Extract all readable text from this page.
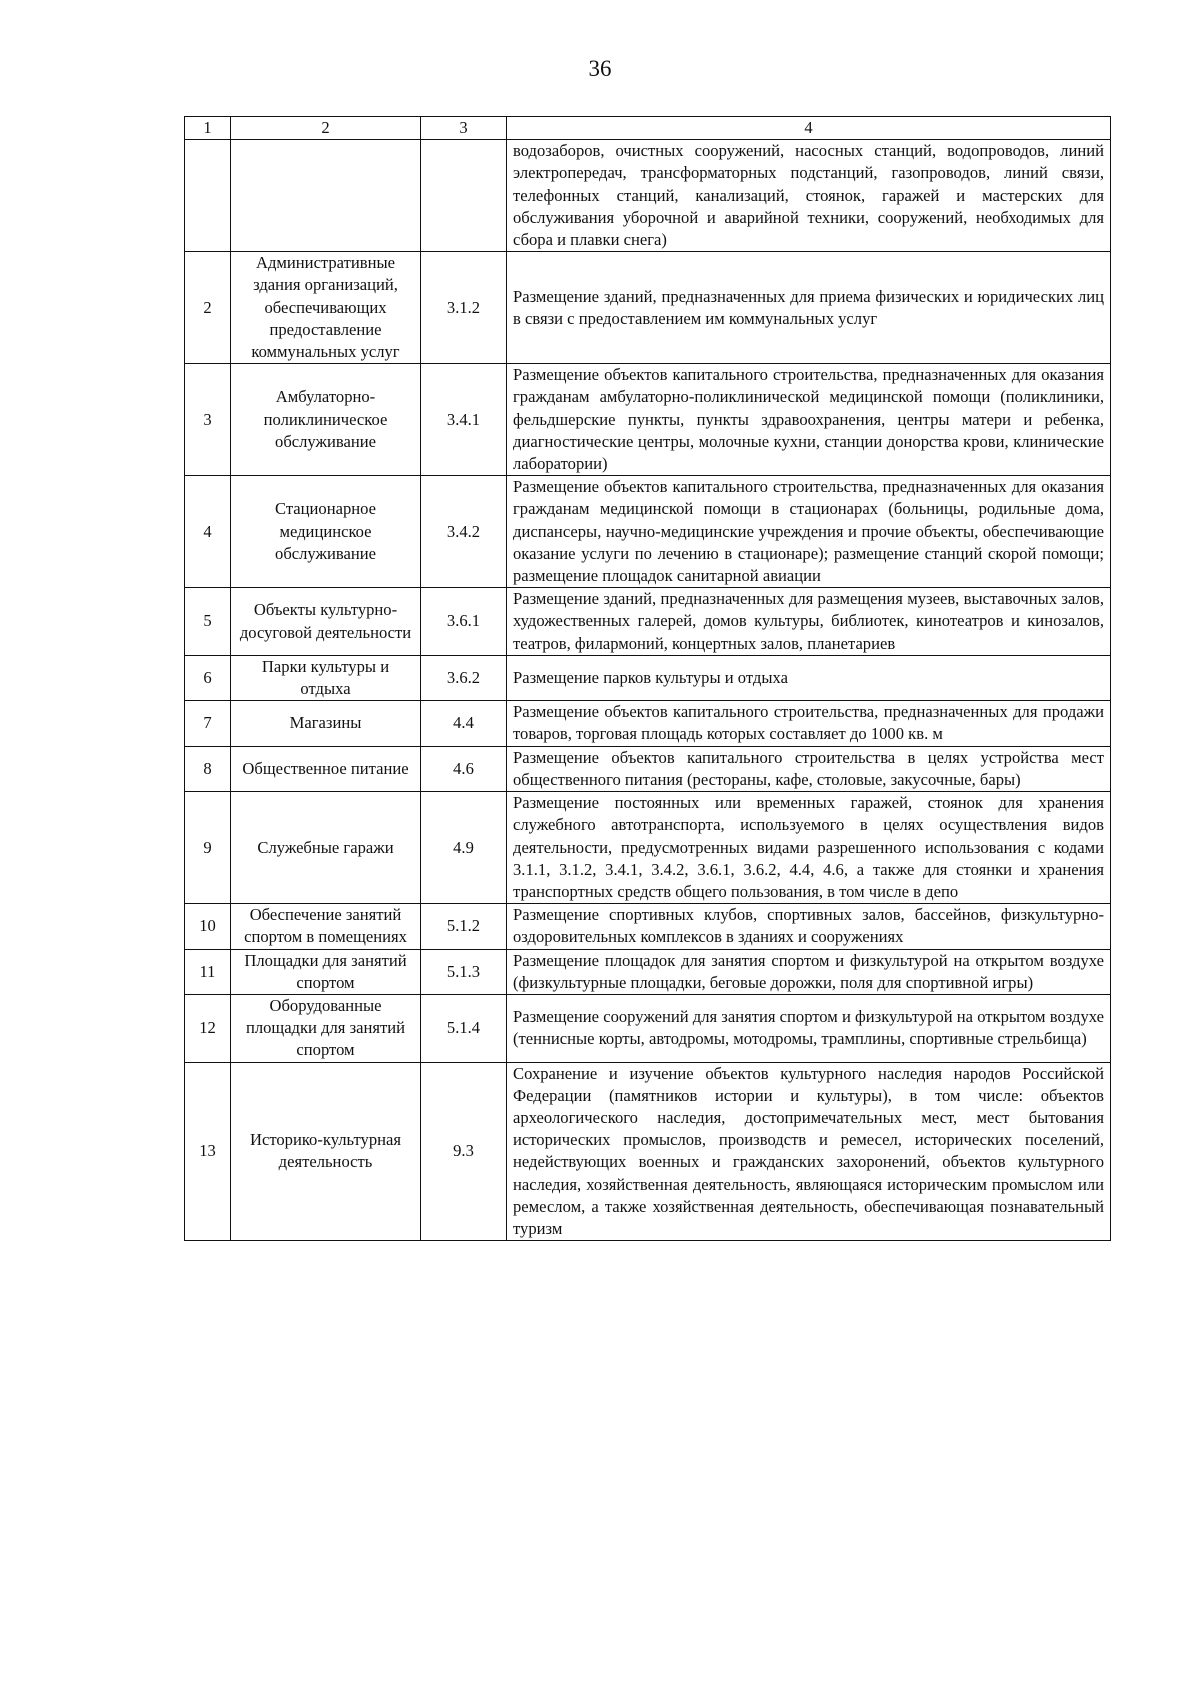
36
1	2	3	4
			водозаборов, очистных сооружений, насосных станций, водопроводов, линий электропередач, трансформаторных подстанций, газопроводов, линий связи, телефонных станций, канализаций, стоянок, гаражей и мастерских для обслуживания уборочной и аварийной техники, сооружений, необходимых для сбора и плавки снега)
2	Административные здания организаций, обеспечивающих предоставление коммунальных услуг	3.1.2	Размещение зданий, предназначенных для приема физических и юридических лиц в связи с предоставлением им коммунальных услуг
3	Амбулаторно-поликлиническое обслуживание	3.4.1	Размещение объектов капитального строительства, предназначенных для оказания гражданам амбулаторно-поликлинической медицинской помощи (поликлиники, фельдшерские пункты, пункты здравоохранения, центры матери и ребенка, диагностические центры, молочные кухни, станции донорства крови, клинические лаборатории)
4	Стационарное медицинское обслуживание	3.4.2	Размещение объектов капитального строительства, предназначенных для оказания гражданам медицинской помощи в стационарах (больницы, родильные дома, диспансеры, научно-медицинские учреждения и прочие объекты, обеспечивающие оказание услуги по лечению в стационаре); размещение станций скорой помощи; размещение площадок санитарной авиации
5	Объекты культурно-досуговой деятельности	3.6.1	Размещение зданий, предназначенных для размещения музеев, выставочных залов, художественных галерей, домов культуры, библиотек, кинотеатров и кинозалов, театров, филармоний, концертных залов, планетариев
6	Парки культуры и отдыха	3.6.2	Размещение парков культуры и отдыха
7	Магазины	4.4	Размещение объектов капитального строительства, предназначенных для продажи товаров, торговая площадь которых составляет до 1000 кв. м
8	Общественное питание	4.6	Размещение объектов капитального строительства в целях устройства мест общественного питания (рестораны, кафе, столовые, закусочные, бары)
9	Служебные гаражи	4.9	Размещение постоянных или временных гаражей, стоянок для хранения служебного автотранспорта, используемого в целях осуществления видов деятельности, предусмотренных видами разрешенного использования с кодами 3.1.1, 3.1.2, 3.4.1, 3.4.2, 3.6.1, 3.6.2, 4.4, 4.6, а также для стоянки и хранения транспортных средств общего пользования, в том числе в депо
10	Обеспечение занятий спортом в помещениях	5.1.2	Размещение спортивных клубов, спортивных залов, бассейнов, физкультурно-оздоровительных комплексов в зданиях и сооружениях
11	Площадки для занятий спортом	5.1.3	Размещение площадок для занятия спортом и физкультурой на открытом воздухе (физкультурные площадки, беговые дорожки, поля для спортивной игры)
12	Оборудованные площадки для занятий спортом	5.1.4	Размещение сооружений для занятия спортом и физкультурой на открытом воздухе (теннисные корты, автодромы, мотодромы, трамплины, спортивные стрельбища)
13	Историко-культурная деятельность	9.3	Сохранение и изучение объектов культурного наследия народов Российской Федерации (памятников истории и культуры), в том числе: объектов археологического наследия, достопримечательных мест, мест бытования исторических промыслов, производств и ремесел, исторических поселений, недействующих военных и гражданских захоронений, объектов культурного наследия, хозяйственная деятельность, являющаяся историческим промыслом или ремеслом, а также хозяйственная деятельность, обеспечивающая познавательный туризм
